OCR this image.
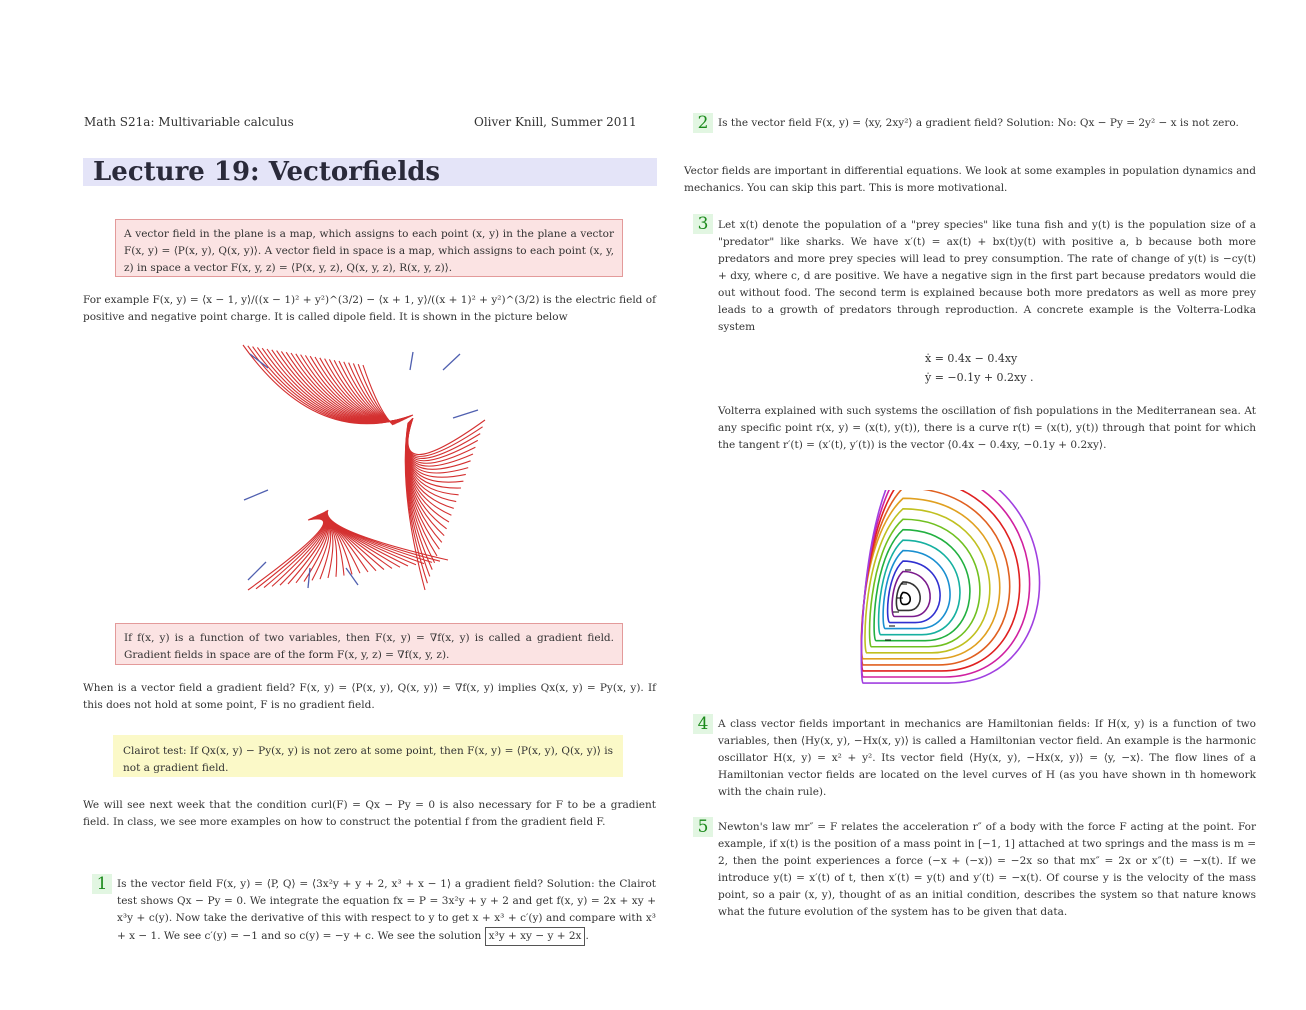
Math S21a: Multivariable calculus	Oliver Knill, Summer 2011
Lecture 19: Vectorfields
A vector field in the plane is a map, which assigns to each point (x, y) in the plane a vector F(x, y) = ⟨P(x, y), Q(x, y)⟩. A vector field in space is a map, which assigns to each point (x, y, z) in space a vector F(x, y, z) = ⟨P(x, y, z), Q(x, y, z), R(x, y, z)⟩.
For example F(x, y) = ⟨x − 1, y⟩/((x − 1)² + y²)^(3/2) − ⟨x + 1, y⟩/((x + 1)² + y²)^(3/2) is the electric field of positive and negative point charge. It is called dipole field. It is shown in the picture below
If f(x, y) is a function of two variables, then F(x, y) = ∇f(x, y) is called a gradient field. Gradient fields in space are of the form F(x, y, z) = ∇f(x, y, z).
When is a vector field a gradient field? F(x, y) = ⟨P(x, y), Q(x, y)⟩ = ∇f(x, y) implies Qx(x, y) = Py(x, y). If this does not hold at some point, F is no gradient field.
Clairot test: If Qx(x, y) − Py(x, y) is not zero at some point, then F(x, y) = ⟨P(x, y), Q(x, y)⟩ is not a gradient field.
We will see next week that the condition curl(F) = Qx − Py = 0 is also necessary for F to be a gradient field. In class, we see more examples on how to construct the potential f from the gradient field F.
1 Is the vector field F(x, y) = ⟨P, Q⟩ = ⟨3x²y + y + 2, x³ + x − 1⟩ a gradient field? Solution: the Clairot test shows Qx − Py = 0. We integrate the equation fx = P = 3x²y + y + 2 and get f(x, y) = 2x + xy + x³y + c(y). Now take the derivative of this with respect to y to get x + x³ + c′(y) and compare with x³ + x − 1. We see c′(y) = −1 and so c(y) = −y + c. We see the solution x³y + xy − y + 2x .
2 Is the vector field F(x, y) = ⟨xy, 2xy²⟩ a gradient field? Solution: No: Qx − Py = 2y² − x is not zero.
Vector fields are important in differential equations. We look at some examples in population dynamics and mechanics. You can skip this part. This is more motivational.
3 Let x(t) denote the population of a "prey species" like tuna fish and y(t) is the population size of a "predator" like sharks. We have x′(t) = ax(t) + bx(t)y(t) with positive a, b because both more predators and more prey species will lead to prey consumption. The rate of change of y(t) is −cy(t) + dxy, where c, d are positive. We have a negative sign in the first part because predators would die out without food. The second term is explained because both more predators as well as more prey leads to a growth of predators through reproduction. A concrete example is the Volterra-Lodka system
ẋ = 0.4x − 0.4xy
ẏ = −0.1y + 0.2xy .
Volterra explained with such systems the oscillation of fish populations in the Mediterranean sea. At any specific point r(x, y) = (x(t), y(t)), there is a curve r(t) = (x(t), y(t)) through that point for which the tangent r′(t) = (x′(t), y′(t)) is the vector ⟨0.4x − 0.4xy, −0.1y + 0.2xy⟩.
4 A class vector fields important in mechanics are Hamiltonian fields: If H(x, y) is a function of two variables, then ⟨Hy(x, y), −Hx(x, y)⟩ is called a Hamiltonian vector field. An example is the harmonic oscillator H(x, y) = x² + y². Its vector field ⟨Hy(x, y), −Hx(x, y)⟩ = ⟨y, −x⟩. The flow lines of a Hamiltonian vector fields are located on the level curves of H (as you have shown in th homework with the chain rule).
5 Newton's law mr″ = F relates the acceleration r″ of a body with the force F acting at the point. For example, if x(t) is the position of a mass point in [−1, 1] attached at two springs and the mass is m = 2, then the point experiences a force (−x + (−x)) = −2x so that mx″ = 2x or x″(t) = −x(t). If we introduce y(t) = x′(t) of t, then x′(t) = y(t) and y′(t) = −x(t). Of course y is the velocity of the mass point, so a pair (x, y), thought of as an initial condition, describes the system so that nature knows what the future evolution of the system has to be given that data.
